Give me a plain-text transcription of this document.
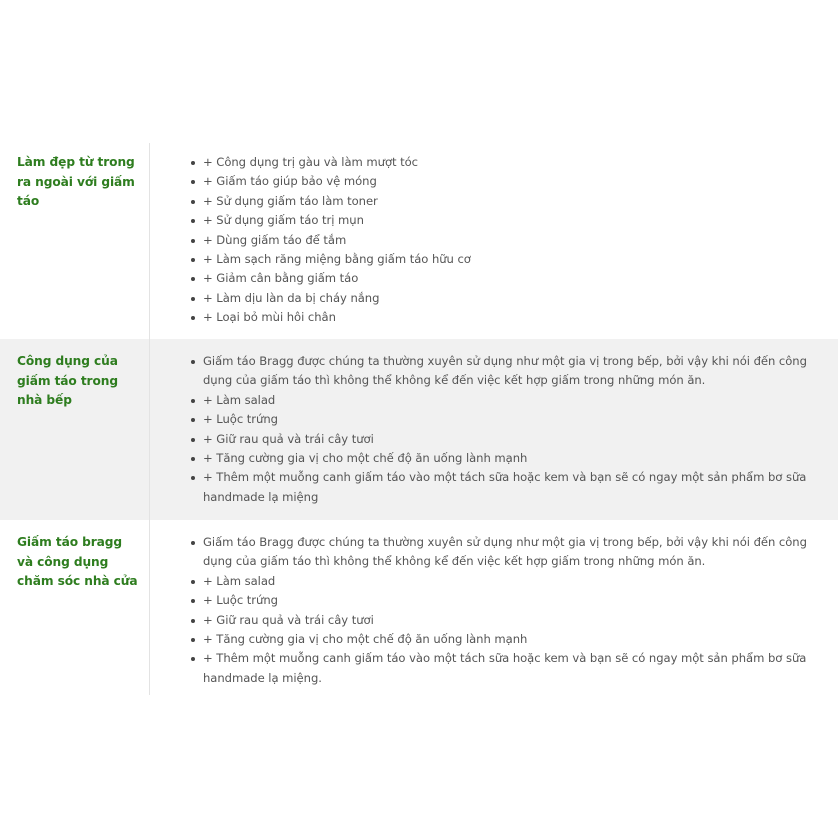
Làm đẹp từ trong ra ngoài với giấm táo
+ Công dụng trị gàu và làm mượt tóc
+ Giấm táo giúp bảo vệ móng
+ Sử dụng giấm táo làm toner
+ Sử dụng giấm táo trị mụn
+ Dùng giấm táo để tắm
+ Làm sạch răng miệng bằng giấm táo hữu cơ
+ Giảm cân bằng giấm táo
+ Làm dịu làn da bị cháy nắng
+ Loại bỏ mùi hôi chân
Công dụng của giấm táo trong nhà bếp
Giấm táo Bragg được chúng ta thường xuyên sử dụng như một gia vị trong bếp, bởi vậy khi nói đến công dụng của giấm táo thì không thể không kể đến việc kết hợp giấm trong những món ăn.
+ Làm salad
+ Luộc trứng
+ Giữ rau quả và trái cây tươi
+ Tăng cường gia vị cho một chế độ ăn uống lành mạnh
+ Thêm một muỗng canh giấm táo vào một tách sữa hoặc kem và bạn sẽ có ngay một sản phẩm bơ sữa handmade lạ miệng
Giấm táo bragg và công dụng chăm sóc nhà cửa
Giấm táo Bragg được chúng ta thường xuyên sử dụng như một gia vị trong bếp, bởi vậy khi nói đến công dụng của giấm táo thì không thể không kể đến việc kết hợp giấm trong những món ăn.
+ Làm salad
+ Luộc trứng
+ Giữ rau quả và trái cây tươi
+ Tăng cường gia vị cho một chế độ ăn uống lành mạnh
+ Thêm một muỗng canh giấm táo vào một tách sữa hoặc kem và bạn sẽ có ngay một sản phẩm bơ sữa handmade lạ miệng.
